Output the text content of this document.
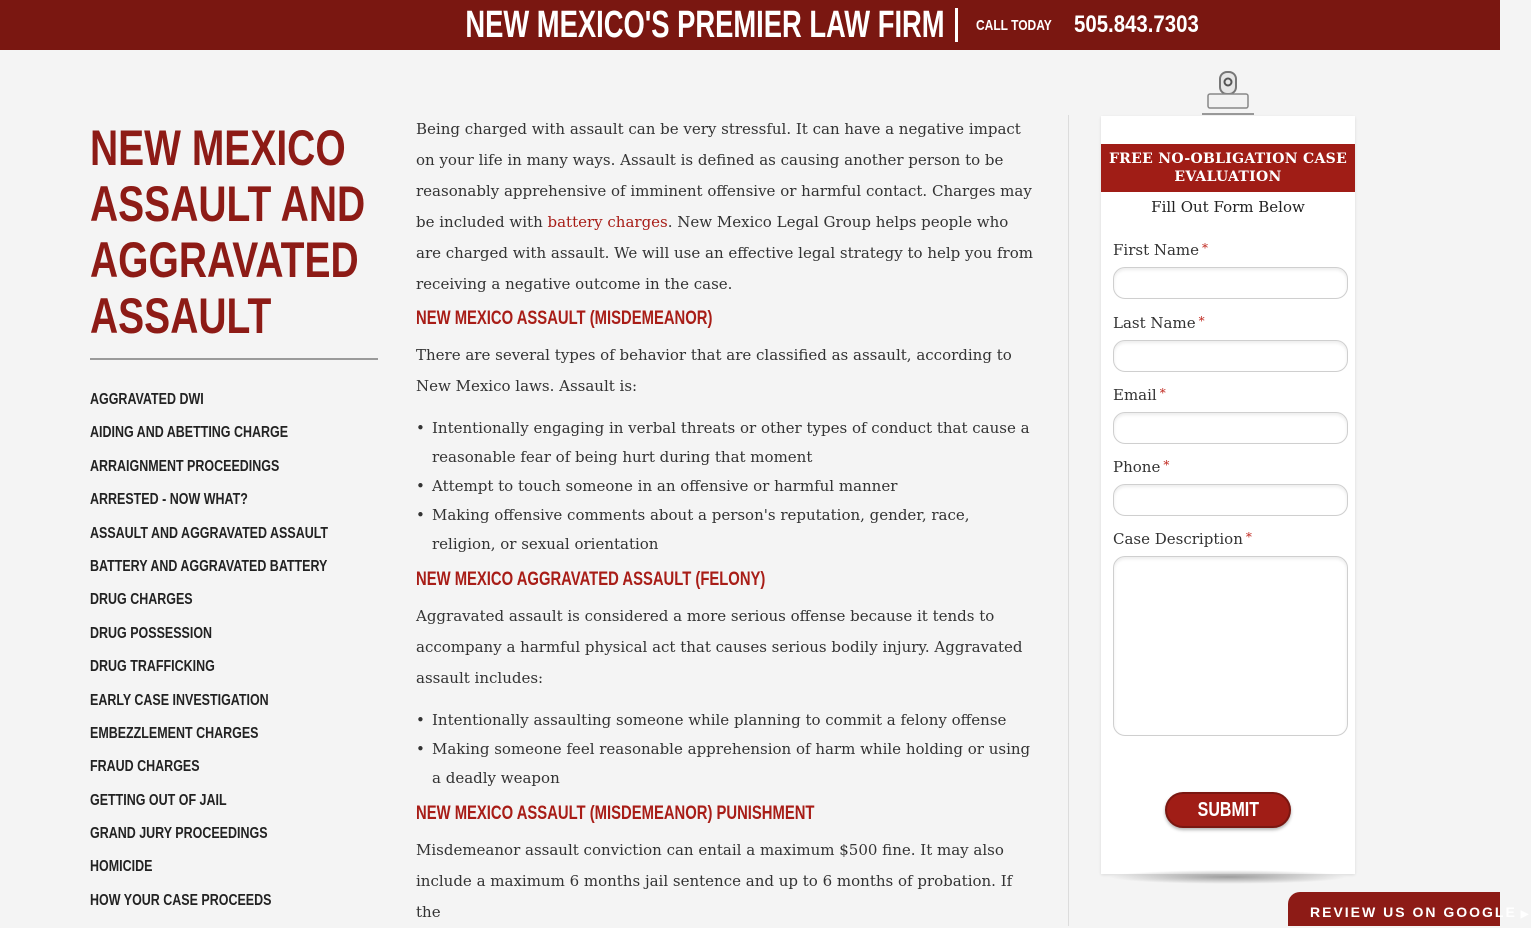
NEW MEXICO'S PREMIER LAW FIRM CALL TODAY 505.843.7303
NEW MEXICO ASSAULT AND AGGRAVATED ASSAULT
AGGRAVATED DWI
AIDING AND ABETTING CHARGE
ARRAIGNMENT PROCEEDINGS
ARRESTED - NOW WHAT?
ASSAULT AND AGGRAVATED ASSAULT
BATTERY AND AGGRAVATED BATTERY
DRUG CHARGES
DRUG POSSESSION
DRUG TRAFFICKING
EARLY CASE INVESTIGATION
EMBEZZLEMENT CHARGES
FRAUD CHARGES
GETTING OUT OF JAIL
GRAND JURY PROCEEDINGS
HOMICIDE
HOW YOUR CASE PROCEEDS

Being charged with assault can be very stressful. It can have a negative impact on your life in many ways. Assault is defined as causing another person to be reasonably apprehensive of imminent offensive or harmful contact. Charges may be included with battery charges. New Mexico Legal Group helps people who are charged with assault. We will use an effective legal strategy to help you from receiving a negative outcome in the case.

NEW MEXICO ASSAULT (MISDEMEANOR)

There are several types of behavior that are classified as assault, according to New Mexico laws. Assault is:

• Intentionally engaging in verbal threats or other types of conduct that cause a reasonable fear of being hurt during that moment
• Attempt to touch someone in an offensive or harmful manner
• Making offensive comments about a person's reputation, gender, race, religion, or sexual orientation
NEW MEXICO AGGRAVATED ASSAULT (FELONY)

Aggravated assault is considered a more serious offense because it tends to accompany a harmful physical act that causes serious bodily injury. Aggravated assault includes:

• Intentionally assaulting someone while planning to commit a felony offense
• Making someone feel reasonable apprehension of harm while holding or using a deadly weapon
NEW MEXICO ASSAULT (MISDEMEANOR) PUNISHMENT

Misdemeanor assault conviction can entail a maximum $500 fine. It may also include a maximum 6 months jail sentence and up to 6 months of probation. If the

FREE NO-OBLIGATION CASE EVALUATION
Fill Out Form Below
First Name *
Last Name *
Email *
Phone *
Case Description *
SUBMIT
REVIEW US ON GOOGLE ▶
